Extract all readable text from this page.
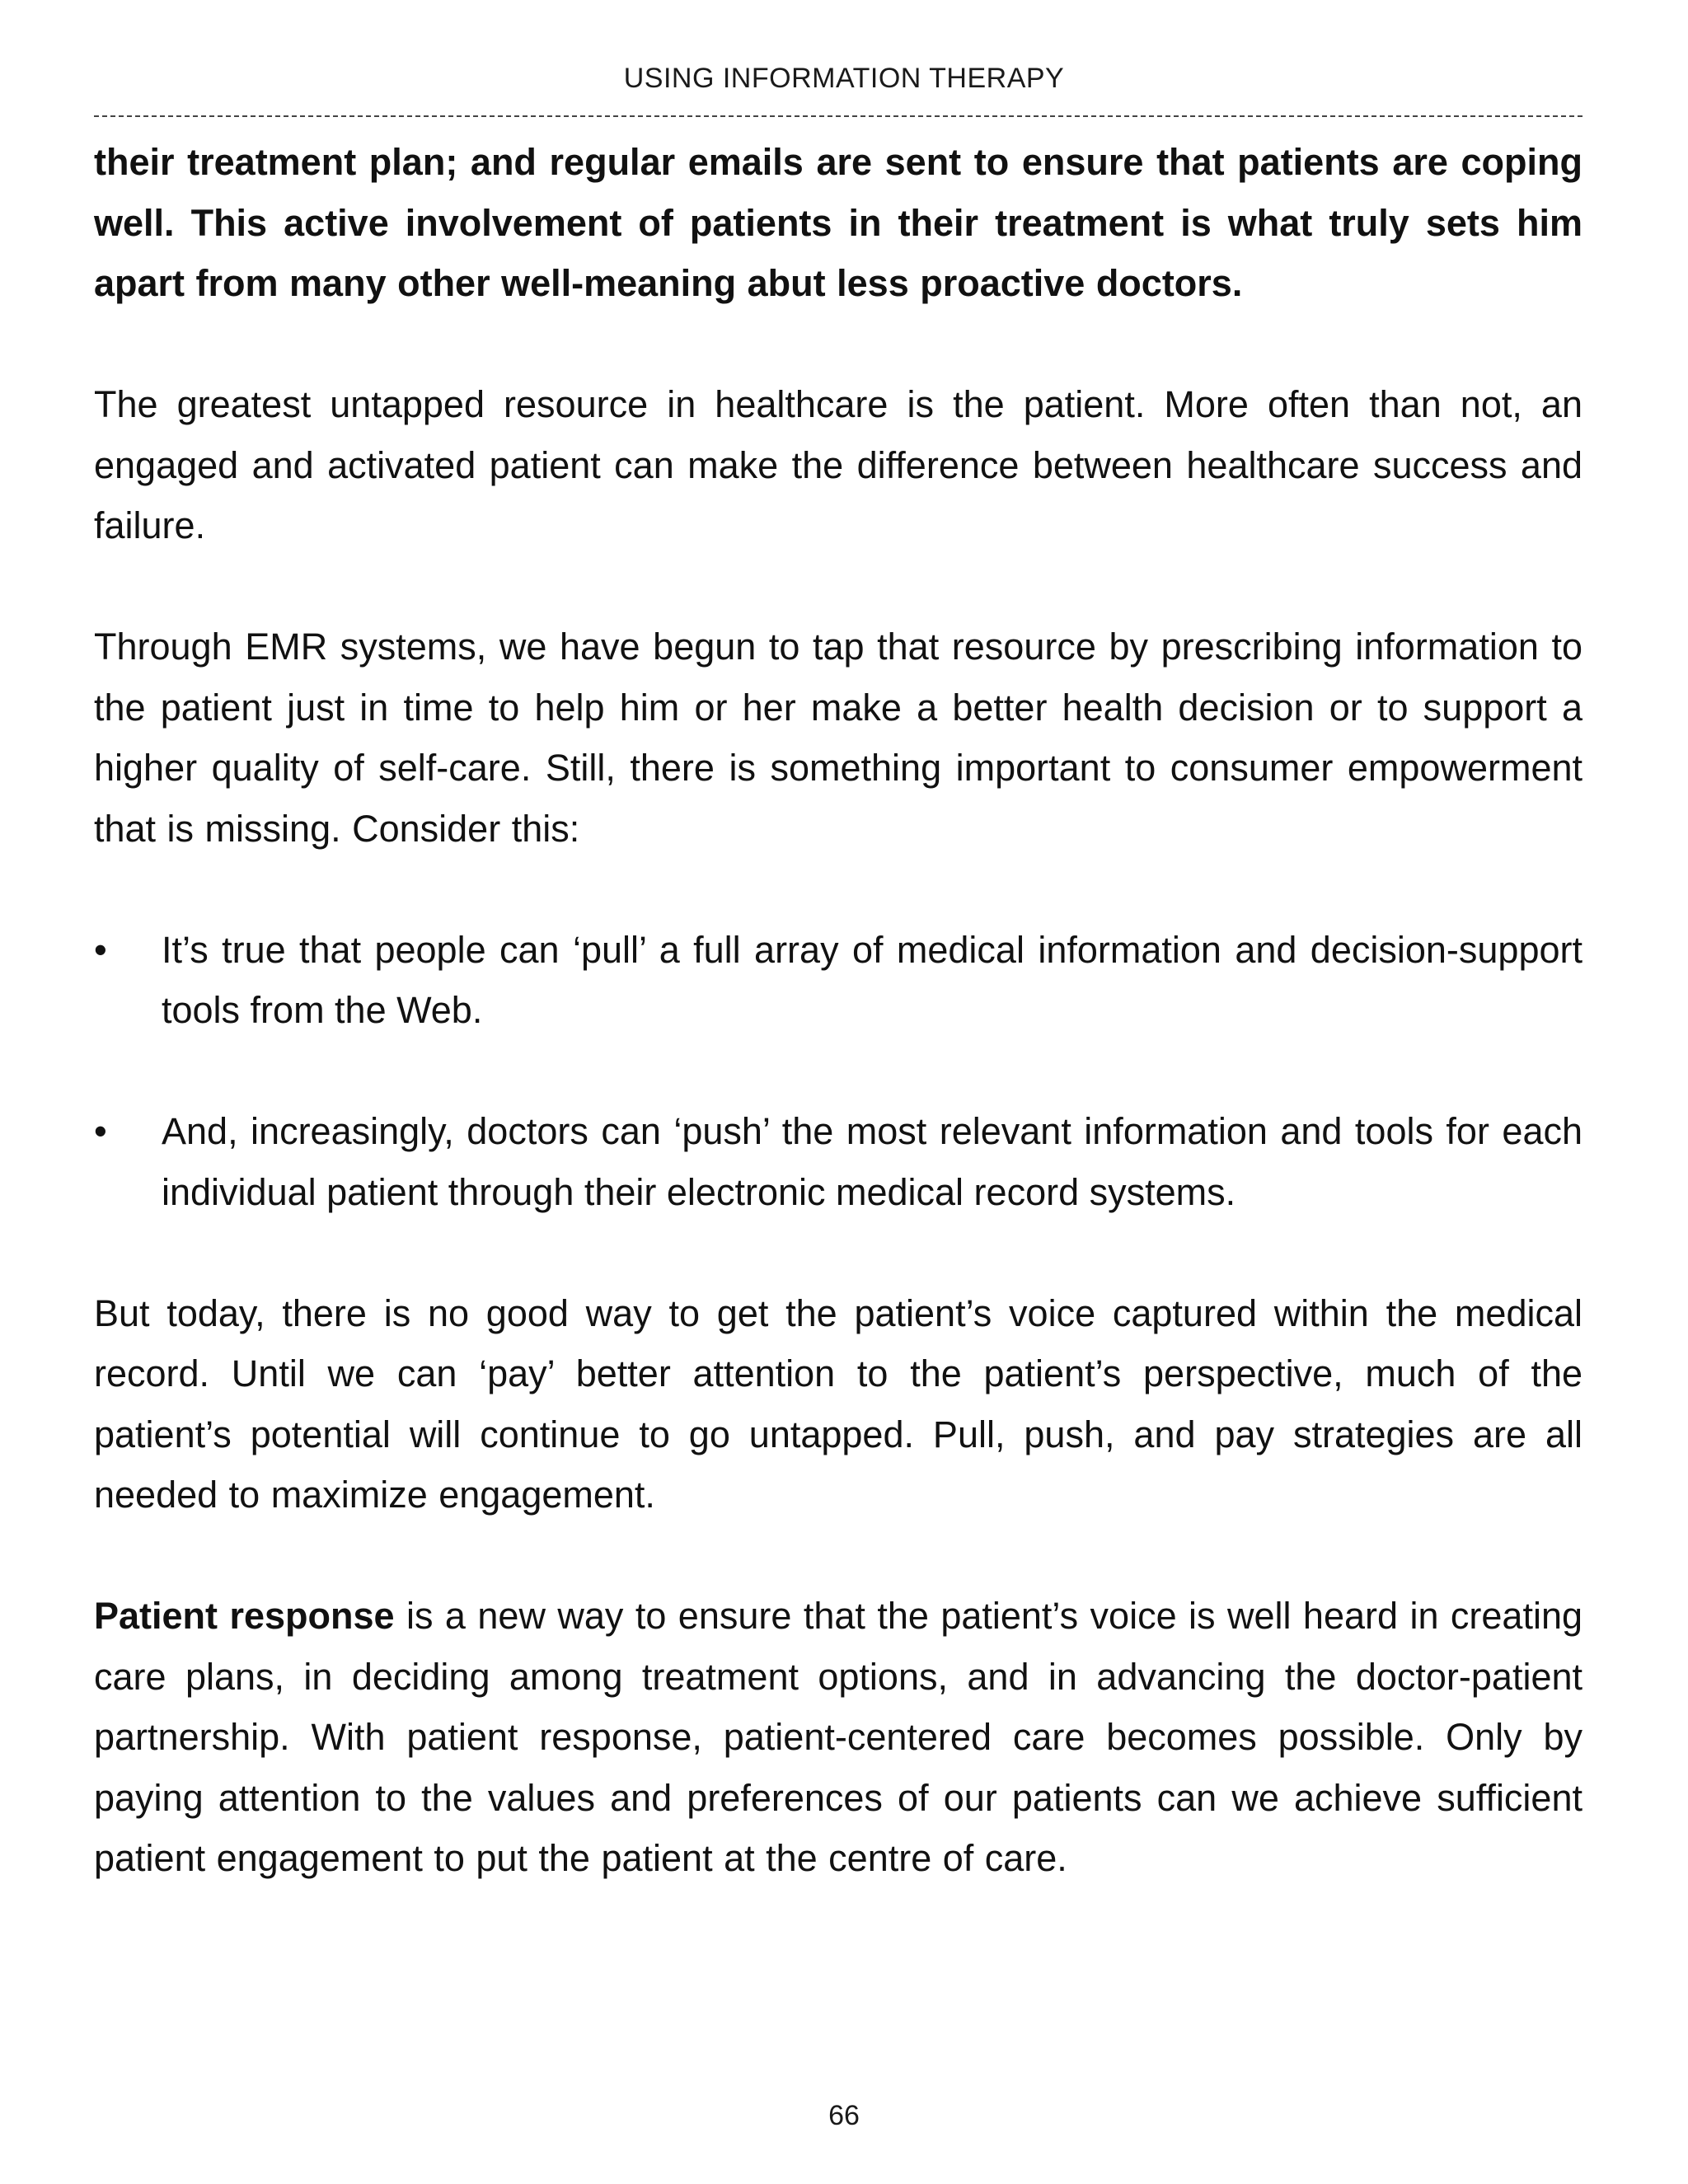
USING INFORMATION THERAPY

their treatment plan; and regular emails are sent to ensure that patients are coping well. This active involvement of patients in their treatment is what truly sets him apart from many other well-meaning abut less proactive doctors.

The greatest untapped resource in healthcare is the patient. More often than not, an engaged and activated patient can make the difference between healthcare success and failure.

Through EMR systems, we have begun to tap that resource by prescribing information to the patient just in time to help him or her make a better health decision or to support a higher quality of self-care. Still, there is something important to consumer empowerment that is missing. Consider this:

•	It’s true that people can ‘pull’ a full array of medical information and decision-support tools from the Web.
•	And, increasingly, doctors can ‘push’ the most relevant information and tools for each individual patient through their electronic medical record systems.

But today, there is no good way to get the patient’s voice captured within the medical record. Until we can ‘pay’ better attention to the patient’s perspective, much of the patient’s potential will continue to go untapped. Pull, push, and pay strategies are all needed to maximize engagement.

Patient response is a new way to ensure that the patient’s voice is well heard in creating care plans, in deciding among treatment options, and in advancing the doctor-patient partnership. With patient response, patient-centered care becomes possible. Only by paying attention to the values and preferences of our patients can we achieve sufficient patient engagement to put the patient at the centre of care.

66
